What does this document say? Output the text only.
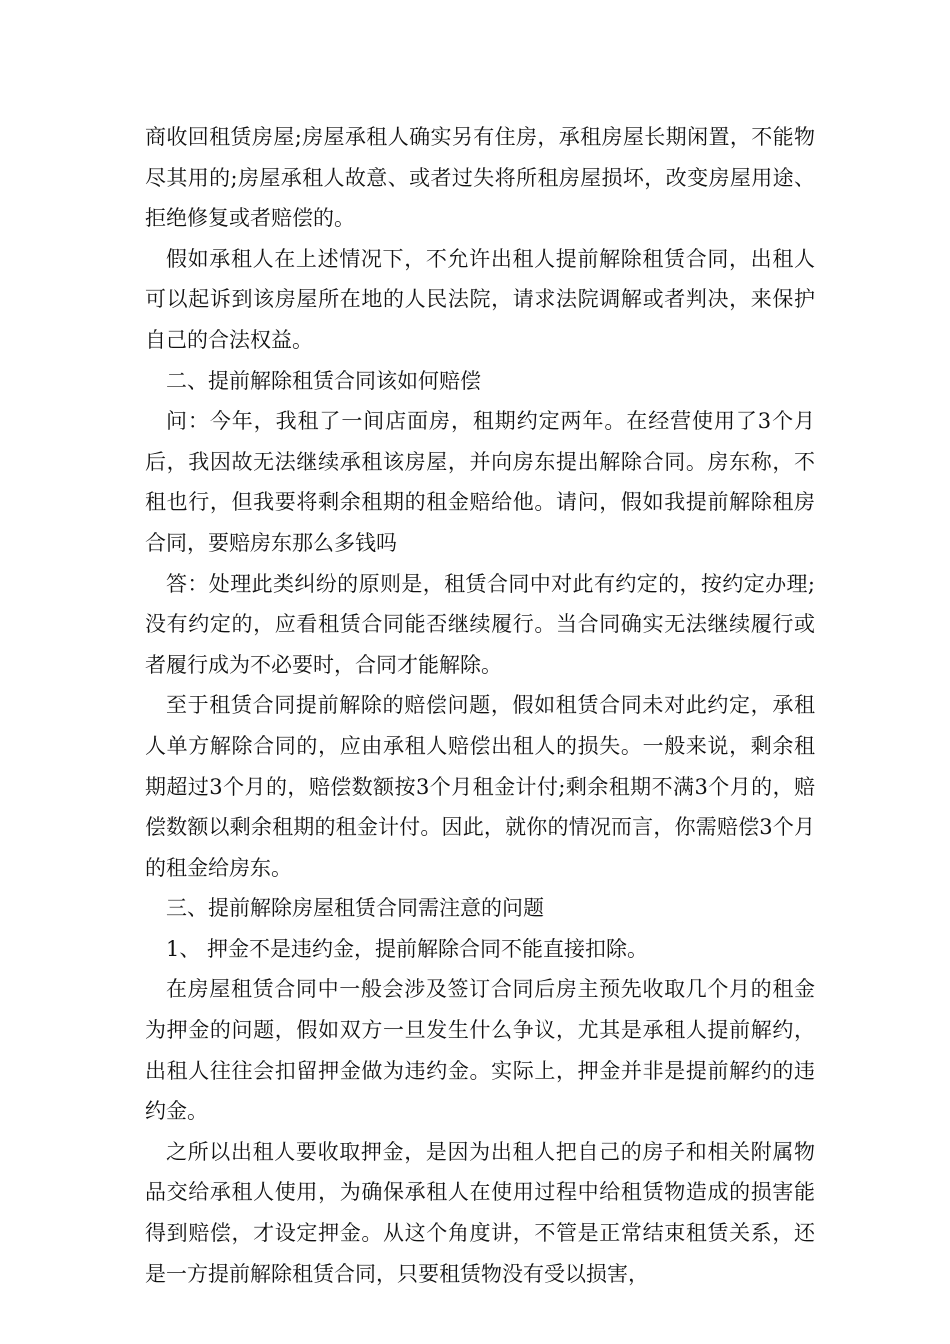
商收回租赁房屋;房屋承租人确实另有住房，承租房屋长期闲置，不能物尽其用的;房屋承租人故意、或者过失将所租房屋损坏，改变房屋用途、拒绝修复或者赔偿的。

假如承租人在上述情况下，不允许出租人提前解除租赁合同，出租人可以起诉到该房屋所在地的人民法院，请求法院调解或者判决，来保护自己的合法权益。

二、提前解除租赁合同该如何赔偿

问：今年，我租了一间店面房，租期约定两年。在经营使用了3个月后，我因故无法继续承租该房屋，并向房东提出解除合同。房东称，不租也行，但我要将剩余租期的租金赔给他。请问，假如我提前解除租房合同，要赔房东那么多钱吗

答：处理此类纠纷的原则是，租赁合同中对此有约定的，按约定办理;没有约定的，应看租赁合同能否继续履行。当合同确实无法继续履行或者履行成为不必要时，合同才能解除。

至于租赁合同提前解除的赔偿问题，假如租赁合同未对此约定，承租人单方解除合同的，应由承租人赔偿出租人的损失。一般来说，剩余租期超过3个月的，赔偿数额按3个月租金计付;剩余租期不满3个月的，赔偿数额以剩余租期的租金计付。因此，就你的情况而言，你需赔偿3个月的租金给房东。

三、提前解除房屋租赁合同需注意的问题

1、 押金不是违约金，提前解除合同不能直接扣除。

在房屋租赁合同中一般会涉及签订合同后房主预先收取几个月的租金为押金的问题，假如双方一旦发生什么争议，尤其是承租人提前解约，出租人往往会扣留押金做为违约金。实际上，押金并非是提前解约的违约金。

之所以出租人要收取押金，是因为出租人把自己的房子和相关附属物品交给承租人使用，为确保承租人在使用过程中给租赁物造成的损害能得到赔偿，才设定押金。从这个角度讲，不管是正常结束租赁关系，还是一方提前解除租赁合同，只要租赁物没有受以损害，
